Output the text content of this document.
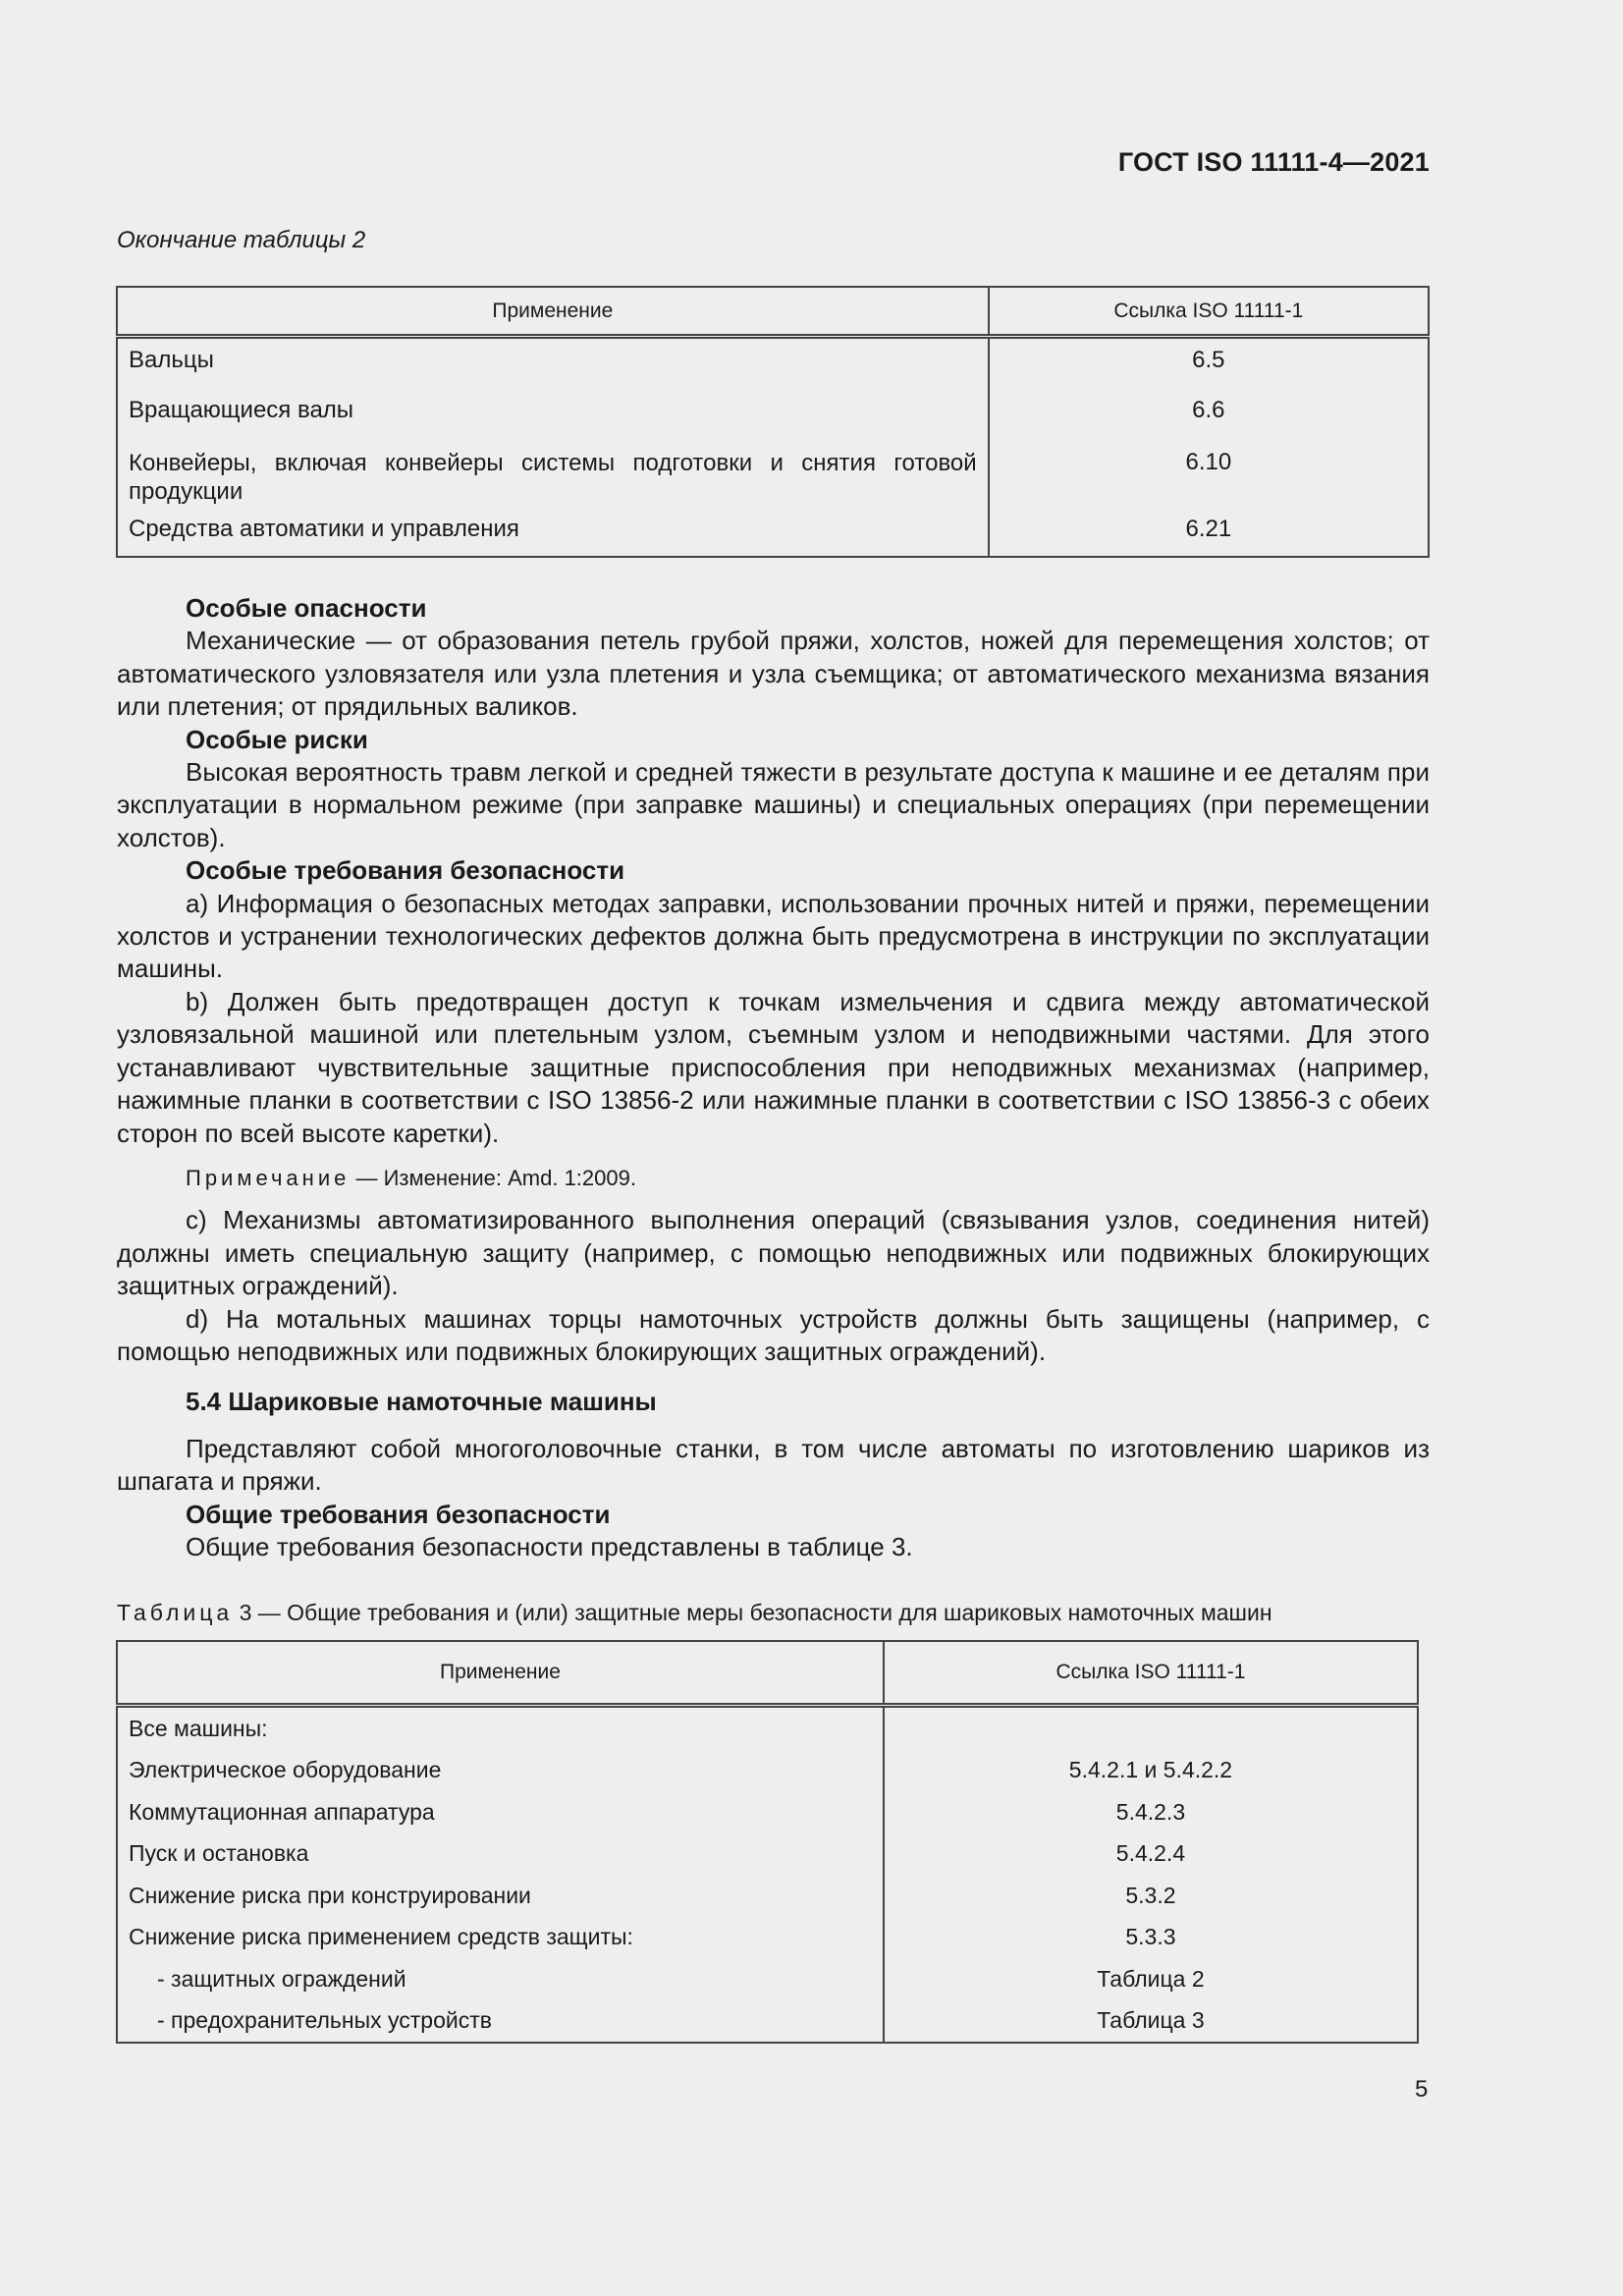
ГОСТ ISO 11111-4—2021
Окончание таблицы 2
Применение	Ссылка ISO 11111-1
Вальцы	6.5
Вращающиеся валы	6.6
Конвейеры, включая конвейеры системы подготовки и снятия готовой продукции	6.10
Средства автоматики и управления	6.21

Особые опасности

Механические — от образования петель грубой пряжи, холстов, ножей для перемещения холстов; от автоматического узловязателя или узла плетения и узла съемщика; от автоматического механизма вязания или плетения; от прядильных валиков.

Особые риски

Высокая вероятность травм легкой и средней тяжести в результате доступа к машине и ее деталям при эксплуатации в нормальном режиме (при заправке машины) и специальных операциях (при перемещении холстов).

Особые требования безопасности

a) Информация о безопасных методах заправки, использовании прочных нитей и пряжи, перемещении холстов и устранении технологических дефектов должна быть предусмотрена в инструкции по эксплуатации машины.

b) Должен быть предотвращен доступ к точкам измельчения и сдвига между автоматической узловязальной машиной или плетельным узлом, съемным узлом и неподвижными частями. Для этого устанавливают чувствительные защитные приспособления при неподвижных механизмах (например, нажимные планки в соответствии с ISO 13856-2 или нажимные планки в соответствии с ISO 13856-3 с обеих сторон по всей высоте каретки).

Примечание — Изменение: Amd. 1:2009.

c) Механизмы автоматизированного выполнения операций (связывания узлов, соединения нитей) должны иметь специальную защиту (например, с помощью неподвижных или подвижных блокирующих защитных ограждений).

d) На мотальных машинах торцы намоточных устройств должны быть защищены (например, с помощью неподвижных или подвижных блокирующих защитных ограждений).

5.4 Шариковые намоточные машины

Представляют собой многоголовочные станки, в том числе автоматы по изготовлению шариков из шпагата и пряжи.

Общие требования безопасности

Общие требования безопасности представлены в таблице 3.

Таблица 3 — Общие требования и (или) защитные меры безопасности для шариковых намоточных машин
Применение	Ссылка ISO 11111-1
Все машины:	
Электрическое оборудование	5.4.2.1 и 5.4.2.2
Коммутационная аппаратура	5.4.2.3
Пуск и остановка	5.4.2.4
Снижение риска при конструировании	5.3.2
Снижение риска применением средств защиты:	5.3.3
- защитных ограждений	Таблица 2
- предохранительных устройств	Таблица 3
5
